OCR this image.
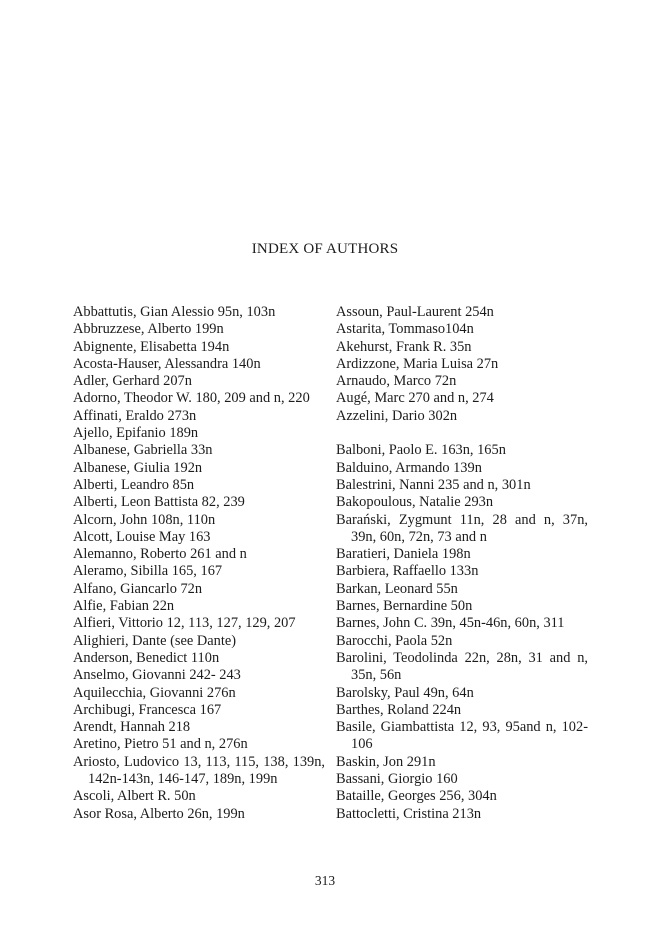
INDEX OF AUTHORS
Abbattutis, Gian Alessio 95n, 103n
Abbruzzese, Alberto 199n
Abignente, Elisabetta 194n
Acosta-Hauser, Alessandra 140n
Adler, Gerhard 207n
Adorno, Theodor W. 180, 209 and n, 220
Affinati, Eraldo 273n
Ajello, Epifanio 189n
Albanese, Gabriella 33n
Albanese, Giulia 192n
Alberti, Leandro 85n
Alberti, Leon Battista 82, 239
Alcorn, John 108n, 110n
Alcott, Louise May 163
Alemanno, Roberto 261 and n
Aleramo, Sibilla 165, 167
Alfano, Giancarlo 72n
Alfie, Fabian 22n
Alfieri, Vittorio 12, 113, 127, 129, 207
Alighieri, Dante (see Dante)
Anderson, Benedict 110n
Anselmo, Giovanni 242- 243
Aquilecchia, Giovanni 276n
Archibugi, Francesca 167
Arendt, Hannah 218
Aretino, Pietro 51 and n, 276n
Ariosto, Ludovico 13, 113, 115, 138, 139n, 142n-143n, 146-147, 189n, 199n
Ascoli, Albert R. 50n
Asor Rosa, Alberto 26n, 199n
Assoun, Paul-Laurent 254n
Astarita, Tommaso104n
Akehurst, Frank R. 35n
Ardizzone, Maria Luisa 27n
Arnaudo, Marco 72n
Augé, Marc 270 and n, 274
Azzelini, Dario 302n
Balboni, Paolo E. 163n, 165n
Balduino, Armando 139n
Balestrini, Nanni 235 and n, 301n
Bakopoulous, Natalie 293n
Barański, Zygmunt 11n, 28 and n, 37n, 39n, 60n, 72n, 73 and n
Baratieri, Daniela 198n
Barbiera, Raffaello 133n
Barkan, Leonard 55n
Barnes, Bernardine 50n
Barnes, John C. 39n, 45n-46n, 60n, 311
Barocchi, Paola 52n
Barolini, Teodolinda 22n, 28n, 31 and n, 35n, 56n
Barolsky, Paul 49n, 64n
Barthes, Roland 224n
Basile, Giambattista 12, 93, 95and n, 102-106
Baskin, Jon 291n
Bassani, Giorgio 160
Bataille, Georges 256, 304n
Battocletti, Cristina 213n
313
